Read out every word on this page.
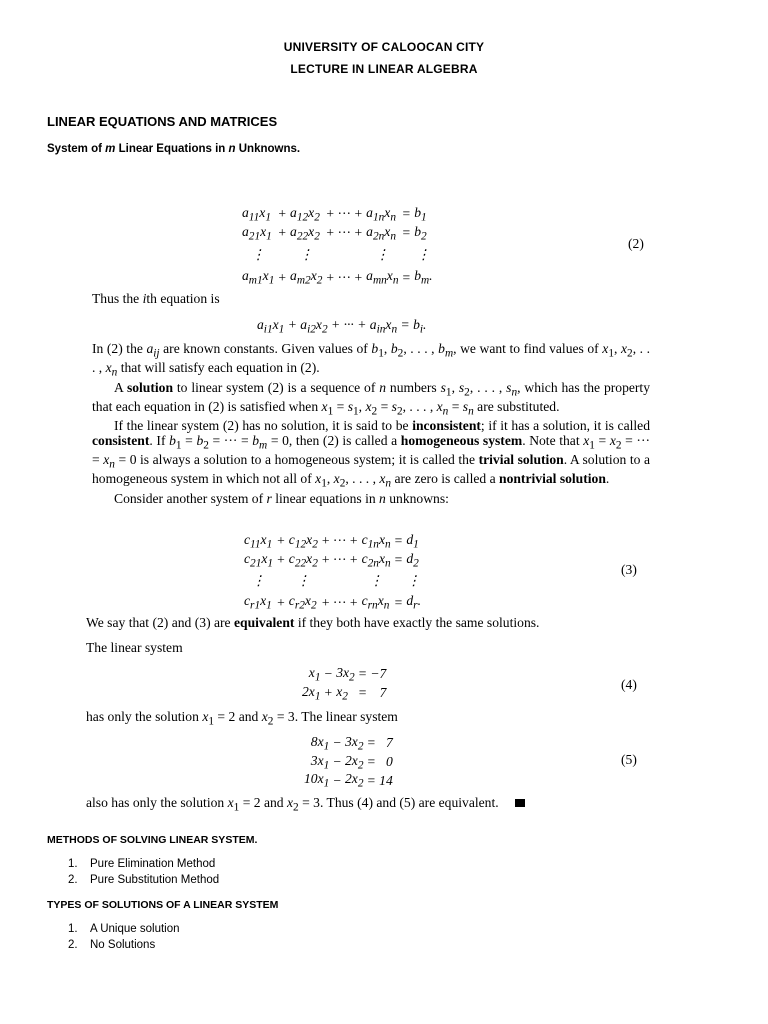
UNIVERSITY OF CALOOCAN CITY
LECTURE IN LINEAR ALGEBRA
LINEAR EQUATIONS AND MATRICES
System of m Linear Equations in n Unknowns.
$a_{11}x_1$	+	$a_{12}x_2$	+ ··· +	$a_{1n}x_n$	=	$b_1$
$a_{21}x_1$	+	$a_{22}x_2$	+ ··· +	$a_{2n}x_n$	=	$b_2$
⋮		⋮		⋮		⋮
$a_{m1}x_1$	+	$a_{m2}x_2$	+ ··· +	$a_{mn}x_n$	=	$b_m$.
(2)
Thus the ith equation is
$a_{i1}x_1 + a_{i2}x_2$ + ··· + $a_{in}x_n = b_i$.
In (2) the $a_{ij}$ are known constants. Given values of $b_1$, $b_2$, . . . , $b_m$, we want to find values of $x_1$, $x_2$, . . . , $x_n$ that will satisfy each equation in (2).
A solution to linear system (2) is a sequence of n numbers $s_1$, $s_2$, . . . , $s_n$, which has the property that each equation in (2) is satisfied when $x_1 = s_1$, $x_2 = s_2$, . . . , $x_n = s_n$ are substituted.
If the linear system (2) has no solution, it is said to be inconsistent; if it has a solution, it is called consistent. If $b_1 = b_2$ = ··· = $b_m = 0$, then (2) is called a homogeneous system. Note that $x_1 = x_2$ = ··· = $x_n = 0$ is always a solution to a homogeneous system; it is called the trivial solution. A solution to a homogeneous system in which not all of $x_1$, $x_2$, . . . , $x_n$ are zero is called a nontrivial solution.
Consider another system of r linear equations in n unknowns:
$c_{11}x_1$	+	$c_{12}x_2$	+ ··· +	$c_{1n}x_n$	=	$d_1$
$c_{21}x_1$	+	$c_{22}x_2$	+ ··· +	$c_{2n}x_n$	=	$d_2$
⋮		⋮		⋮		⋮
$c_{r1}x_1$	+	$c_{r2}x_2$	+ ··· +	$c_{rn}x_n$	=	$d_r$.
(3)
We say that (2) and (3) are equivalent if they both have exactly the same solutions.
The linear system
$x_1$	−	$3x_2$	=	−7
$2x_1$	+	$x_2$	=	7
(4)
has only the solution $x_1 = 2$ and $x_2 = 3$. The linear system
$8x_1$	−	$3x_2$	=	7
$3x_1$	−	$2x_2$	=	0
$10x_1$	−	$2x_2$	=	14
(5)
also has only the solution $x_1 = 2$ and $x_2 = 3$. Thus (4) and (5) are equivalent.
METHODS OF SOLVING LINEAR SYSTEM.
1. Pure Elimination Method
2. Pure Substitution Method
TYPES OF SOLUTIONS OF A LINEAR SYSTEM
1. A Unique solution
2. No Solutions
